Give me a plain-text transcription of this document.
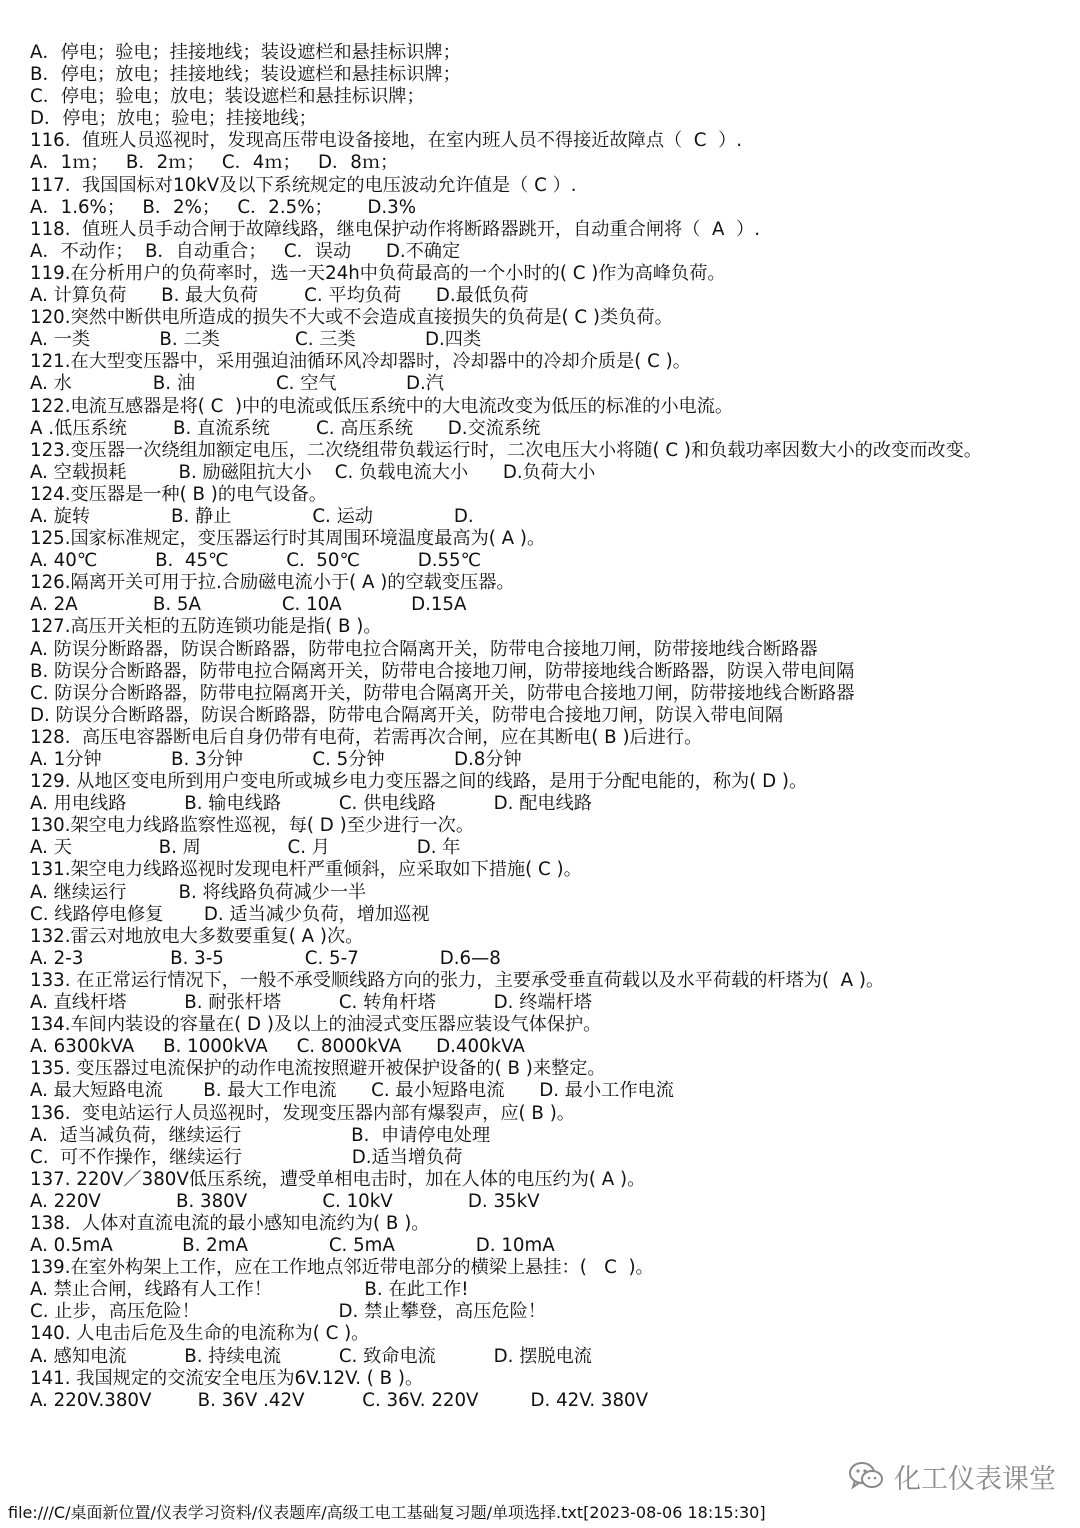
A．停电；验电；挂接地线；装设遮栏和悬挂标识牌；
B．停电；放电；挂接地线；装设遮栏和悬挂标识牌；
C．停电；验电；放电；装设遮栏和悬挂标识牌；
D．停电；放电；验电；挂接地线；
116.  值班人员巡视时，发现高压带电设备接地，在室内班人员不得接近故障点（  C  ）.
A．1ｍ；   B．2ｍ；   C．4ｍ；   D．8ｍ；
117.  我国国标对10kV及以下系统规定的电压波动允许值是（ C ）.
A．1.6%；   B．2%；   C．2.5%；      D.3%
118.  值班人员手动合闸于故障线路，继电保护动作将断路器跳开，自动重合闸将（  A  ）.
A．不动作；  B．自动重合；   C．误动      D.不确定
119.在分析用户的负荷率时，选一天24h中负荷最高的一个小时的( C )作为高峰负荷。
A. 计算负荷      B. 最大负荷        C. 平均负荷      D.最低负荷
120.突然中断供电所造成的损失不大或不会造成直接损失的负荷是( C )类负荷。
A. 一类            B. 二类             C. 三类            D.四类
121.在大型变压器中，采用强迫油循环风冷却器时，冷却器中的冷却介质是( C )。
A. 水              B. 油              C. 空气            D.汽
122.电流互感器是将( C  )中的电流或低压系统中的大电流改变为低压的标准的小电流。
A .低压系统        B. 直流系统        C. 高压系统      D.交流系统
123.变压器一次绕组加额定电压，二次绕组带负载运行时，二次电压大小将随( C )和负载功率因数大小的改变而改变。
A. 空载损耗         B. 励磁阻抗大小    C. 负载电流大小      D.负荷大小
124.变压器是一种( B )的电气设备。
A. 旋转              B. 静止              C. 运动              D.
125.国家标准规定，变压器运行时其周围环境温度最高为( A )。
A. 40℃          B.  45℃          C.  50℃          D.55℃
126.隔离开关可用于拉.合励磁电流小于( A )的空载变压器。
A. 2A             B. 5A              C. 10A            D.15A
127.高压开关柜的五防连锁功能是指( B )。
A. 防误分断路器，防误合断路器，防带电拉合隔离开关，防带电合接地刀闸，防带接地线合断路器
B. 防误分合断路器，防带电拉合隔离开关，防带电合接地刀闸，防带接地线合断路器，防误入带电间隔
C. 防误分合断路器，防带电拉隔离开关，防带电合隔离开关，防带电合接地刀闸，防带接地线合断路器
D. 防误分合断路器，防误合断路器，防带电合隔离开关，防带电合接地刀闸，防误入带电间隔
128.  高压电容器断电后自身仍带有电荷，若需再次合闸，应在其断电( B )后进行。
A. 1分钟            B. 3分钟            C. 5分钟            D.8分钟
129. 从地区变电所到用户变电所或城乡电力变压器之间的线路，是用于分配电能的，称为( D )。
A. 用电线路          B. 输电线路          C. 供电线路          D. 配电线路
130.架空电力线路监察性巡视，每( D )至少进行一次。
A. 天               B. 周               C. 月               D. 年
131.架空电力线路巡视时发现电杆严重倾斜，应采取如下措施( C )。
A. 继续运行         B. 将线路负荷减少一半
C. 线路停电修复       D. 适当减少负荷，增加巡视
132.雷云对地放电大多数要重复( A )次。
A. 2-3               B. 3-5              C. 5-7              D.6—8
133. 在正常运行情况下，一般不承受顺线路方向的张力，主要承受垂直荷载以及水平荷载的杆塔为(  A )。
A. 直线杆塔          B. 耐张杆塔          C. 转角杆塔          D. 终端杆塔
134.车间内装设的容量在( D )及以上的油浸式变压器应装设气体保护。
A. 6300kVA     B. 1000kVA     C. 8000kVA      D.400kVA
135. 变压器过电流保护的动作电流按照避开被保护设备的( B )来整定。
A. 最大短路电流       B. 最大工作电流      C. 最小短路电流      D. 最小工作电流
136.  变电站运行人员巡视时，发现变压器内部有爆裂声，应( B )。
A.  适当减负荷，继续运行                   B.  申请停电处理
C.  可不作操作，继续运行                   D.适当增负荷
137. 220V／380V低压系统，遭受单相电击时，加在人体的电压约为( A )。
A. 220V             B. 380V             C. 10kV             D. 35kV
138.  人体对直流电流的最小感知电流约为( B )。
A. 0.5mA            B. 2mA              C. 5mA              D. 10mA
139.在室外构架上工作，应在工作地点邻近带电部分的横梁上悬挂：(   C  )。
A. 禁止合闸，线路有人工作！                B. 在此工作!
C. 止步，高压危险！                        D. 禁止攀登，高压危险！
140. 人电击后危及生命的电流称为( C )。
A. 感知电流          B. 持续电流          C. 致命电流          D. 摆脱电流
141. 我国规定的交流安全电压为6V.12V. ( B )。
A. 220V.380V        B. 36V .42V          C. 36V. 220V         D. 42V. 380V
化工仪表课堂
file:///C/桌面新位置/仪表学习资料/仪表题库/高级工电工基础复习题/单项选择.txt[2023-08-06 18:15:30]
